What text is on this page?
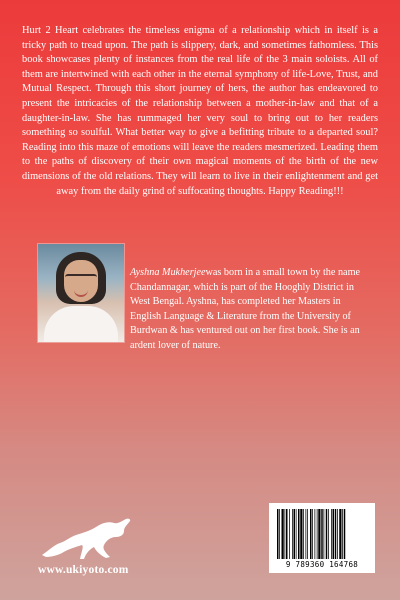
Hurt 2 Heart celebrates the timeless enigma of a relationship which in itself is a tricky path to tread upon. The path is slippery, dark, and sometimes fathomless. This book showcases plenty of instances from the real life of the 3 main soloists. All of them are intertwined with each other in the eternal symphony of life-Love, Trust, and Mutual Respect. Through this short journey of hers, the author has endeavored to present the intricacies of the relationship between a mother-in-law and that of a daughter-in-law. She has rummaged her very soul to bring out to her readers something so soulful. What better way to give a befitting tribute to a departed soul? Reading into this maze of emotions will leave the readers mesmerized. Leading them to the paths of discovery of their own magical moments of the birth of the new dimensions of the old relations. They will learn to live in their enlightenment and get away from the daily grind of suffocating thoughts. Happy Reading!!!

Ayshna Mukherjeewas born in a small town by the name Chandannagar, which is part of the Hooghly District in West Bengal. Ayshna, has completed her Masters in English Language & Literature from the University of Burdwan & has ventured out on her first book. She is an ardent lover of nature.

www.ukiyoto.com	9 789360 164768
